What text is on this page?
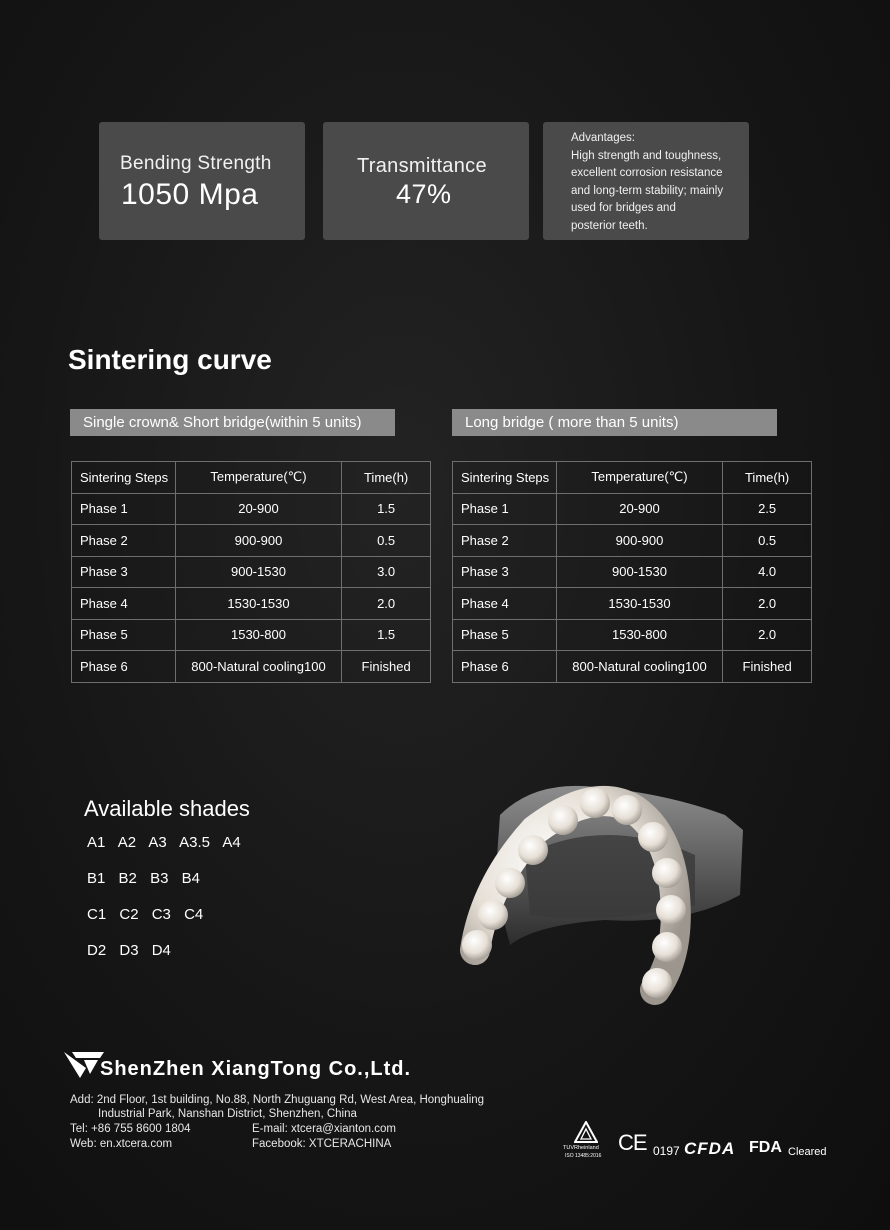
Bending Strength
1050 Mpa
Transmittance
47%
Advantages:
High strength and toughness,
excellent corrosion resistance
and long-term stability; mainly
used for bridges and
posterior teeth.
Sintering curve
Single crown& Short bridge(within 5 units)	Long bridge ( more than 5 units)
Sintering Steps	Temperature(℃)	Time(h)
Phase 1	20-900	1.5
Phase 2	900-900	0.5
Phase 3	900-1530	3.0
Phase 4	1530-1530	2.0
Phase 5	1530-800	1.5
Phase 6	800-Natural cooling100	Finished
Sintering Steps	Temperature(℃)	Time(h)
Phase 1	20-900	2.5
Phase 2	900-900	0.5
Phase 3	900-1530	4.0
Phase 4	1530-1530	2.0
Phase 5	1530-800	2.0
Phase 6	800-Natural cooling100	Finished
Available shades
A1 A2 A3 A3.5 A4
B1 B2 B3 B4
C1 C2 C3 C4
D2 D3 D4
ShenZhen XiangTong Co.,Ltd.
Add: 2nd Floor, 1st building, No.88, North Zhuguang Rd, West Area, Honghualing
Industrial Park, Nanshan District, Shenzhen, China
Tel: +86 755 8600 1804	E-mail: xtcera@xianton.com
Web: en.xtcera.com	Facebook: XTCERACHINA	TUVRheinland
ISO 13485:2016
CE 0197 CFDA FDA Cleared
